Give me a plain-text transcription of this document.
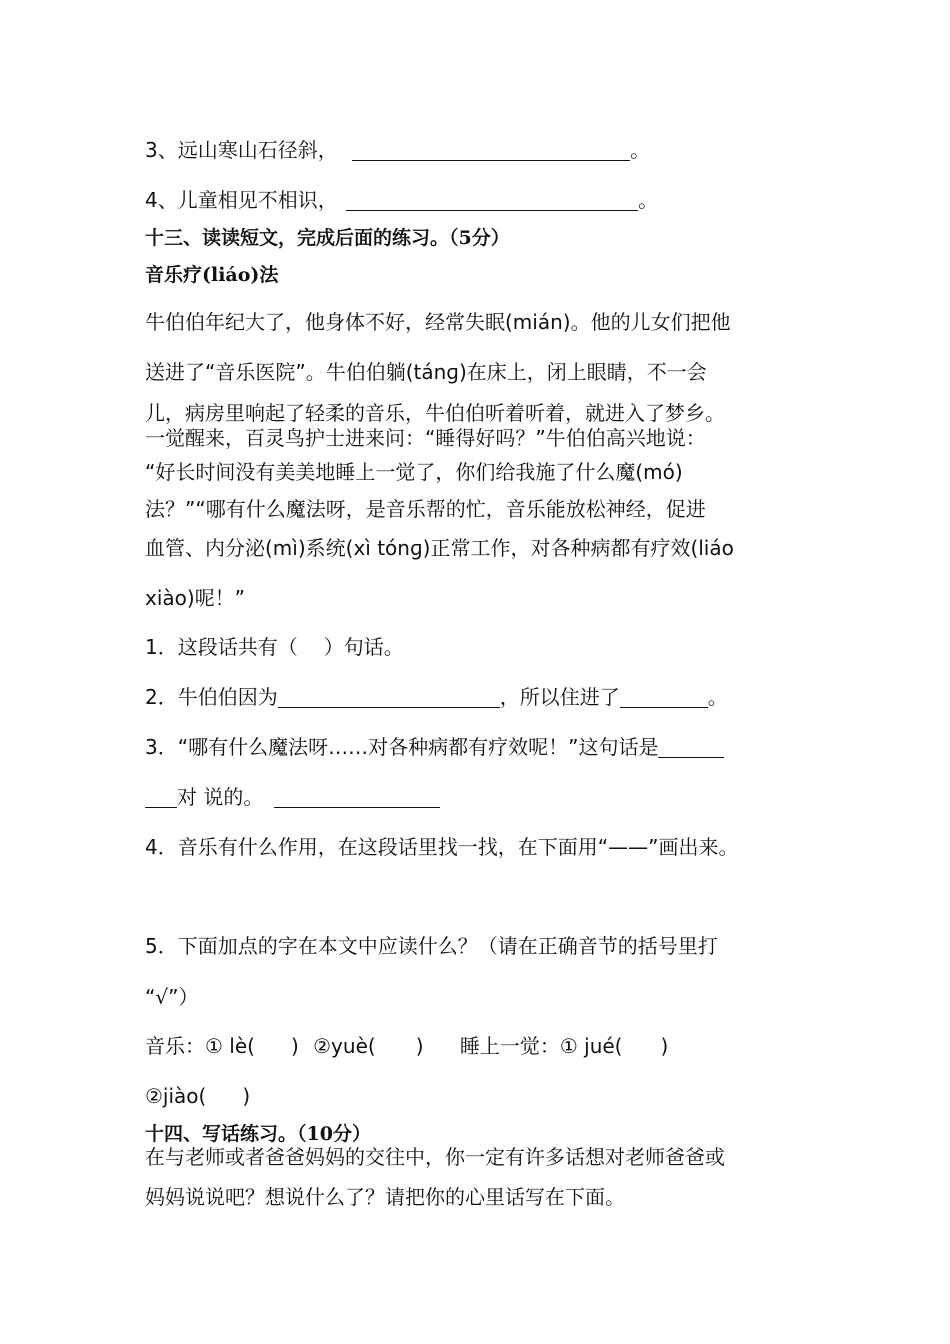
3、远山寒山石径斜，	。
4、儿童相见不相识，	。
十三、读读短文，完成后面的练习。（5分）
音乐疗(liáo)法
牛伯伯年纪大了，他身体不好，经常失眠(mián)。他的儿女们把他
送进了“音乐医院”。牛伯伯躺(tánɡ)在床上，闭上眼睛，不一会
儿，病房里响起了轻柔的音乐，牛伯伯听着听着，就进入了梦乡。
一觉醒来，百灵鸟护士进来问：“睡得好吗？”牛伯伯高兴地说：
“好长时间没有美美地睡上一觉了，你们给我施了什么魔(mó)
法？”“哪有什么魔法呀，是音乐帮的忙，音乐能放松神经，促进
血管、内分泌(mì)系统(xì tónɡ)正常工作，对各种病都有疗效(liáo
xiào)呢！”
1．这段话共有（ ）句话。
2．牛伯伯因为	，所以住进了	。
3．“哪有什么魔法呀……对各种病都有疗效呢！”这句话是
对 说的。
4．音乐有什么作用，在这段话里找一找，在下面用“——”画出来。
5．下面加点的字在本文中应读什么？（请在正确音节的括号里打
“√”）
音乐：① lè( ) ②yuè( ) 睡上一觉：① jué( )
②jiào( )
十四、写话练习。（10分）
在与老师或者爸爸妈妈的交往中，你一定有许多话想对老师爸爸或
妈妈说说吧？想说什么了？请把你的心里话写在下面。
